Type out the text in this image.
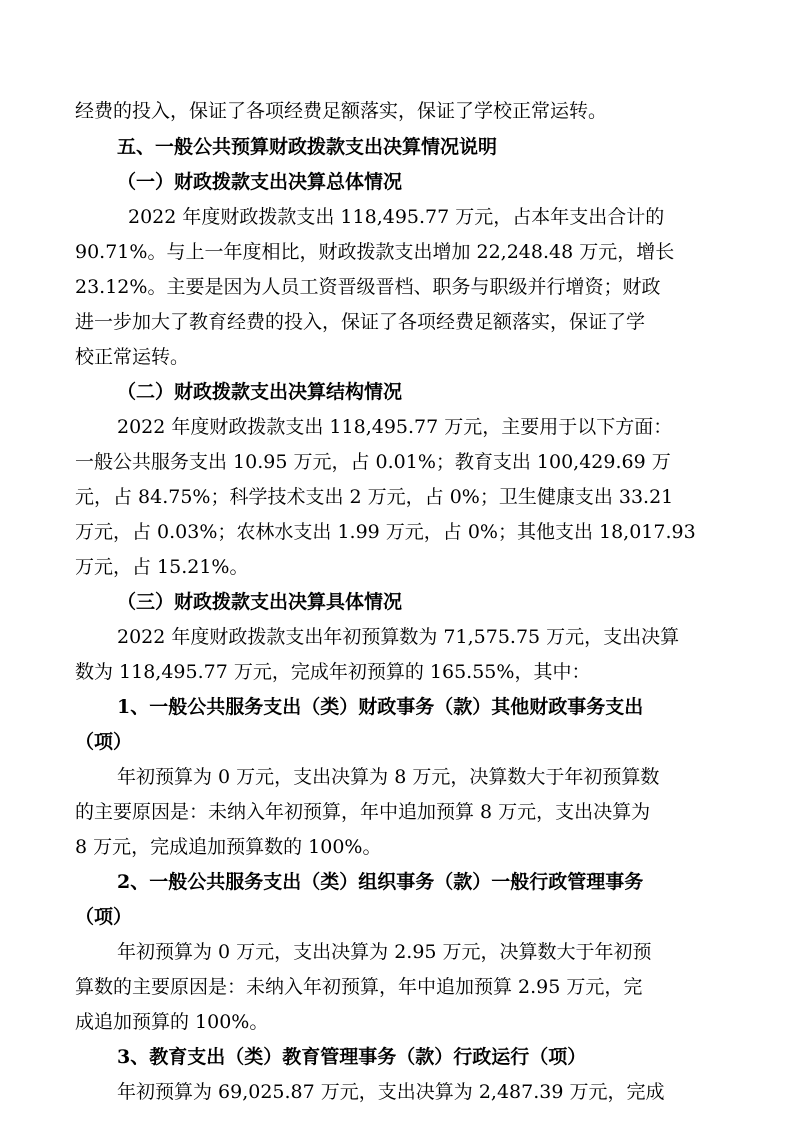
经费的投入，保证了各项经费足额落实，保证了学校正常运转。
五、一般公共预算财政拨款支出决算情况说明
（一）财政拨款支出决算总体情况
2022 年度财政拨款支出 118,495.77 万元，占本年支出合计的
90.71%。与上一年度相比，财政拨款支出增加 22,248.48 万元，增长
23.12%。主要是因为人员工资晋级晋档、职务与职级并行增资；财政
进一步加大了教育经费的投入，保证了各项经费足额落实，保证了学
校正常运转。
（二）财政拨款支出决算结构情况
2022 年度财政拨款支出 118,495.77 万元，主要用于以下方面：
一般公共服务支出 10.95 万元，占 0.01%；教育支出 100,429.69 万
元，占 84.75%；科学技术支出 2 万元，占 0%；卫生健康支出 33.21
万元，占 0.03%；农林水支出 1.99 万元，占 0%；其他支出 18,017.93
万元，占 15.21%。
（三）财政拨款支出决算具体情况
2022 年度财政拨款支出年初预算数为 71,575.75 万元，支出决算
数为 118,495.77 万元，完成年初预算的 165.55%，其中：
1、一般公共服务支出（类）财政事务（款）其他财政事务支出
（项）
年初预算为 0 万元，支出决算为 8 万元，决算数大于年初预算数
的主要原因是：未纳入年初预算，年中追加预算 8 万元，支出决算为
8 万元，完成追加预算数的 100%。
2、一般公共服务支出（类）组织事务（款）一般行政管理事务
（项）
年初预算为 0 万元，支出决算为 2.95 万元，决算数大于年初预
算数的主要原因是：未纳入年初预算，年中追加预算 2.95 万元，完
成追加预算的 100%。
3、教育支出（类）教育管理事务（款）行政运行（项）
年初预算为 69,025.87 万元，支出决算为 2,487.39 万元，完成
